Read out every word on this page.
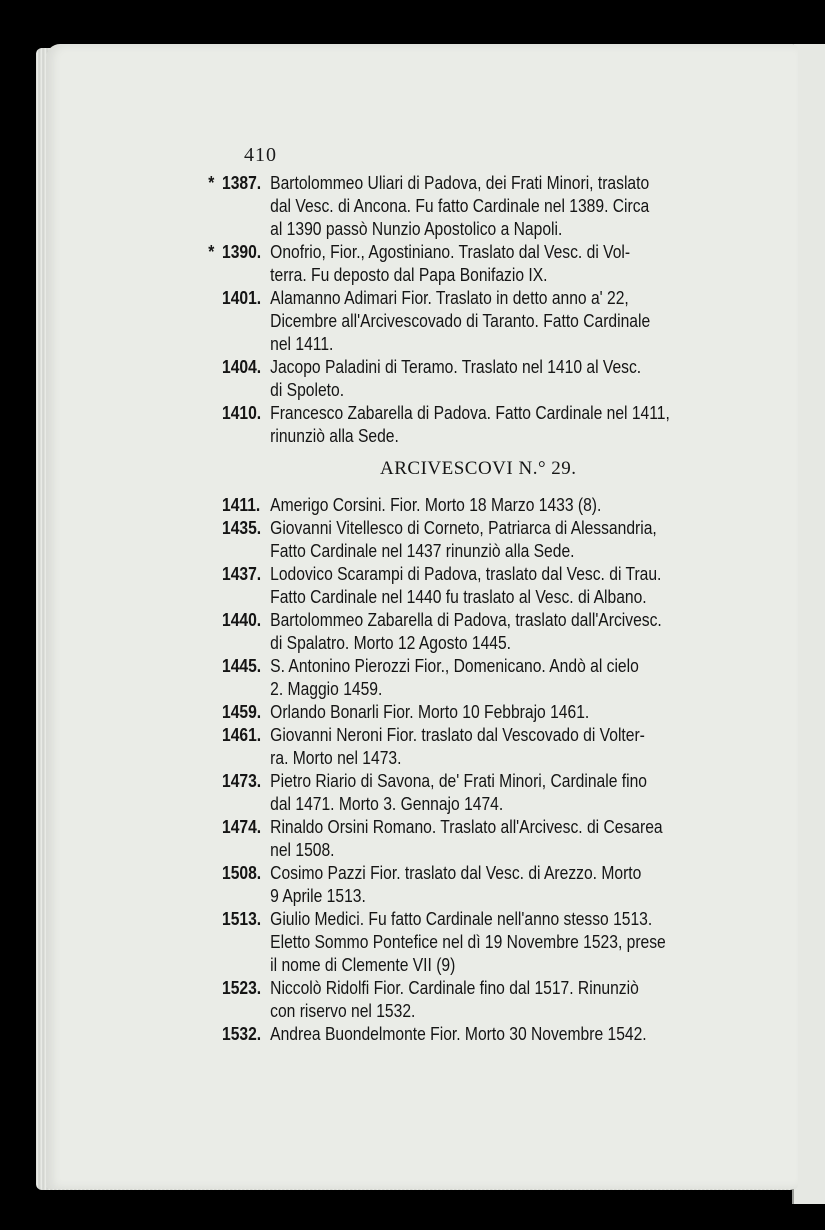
410
* 1387. Bartolommeo Uliari di Padova, dei Frati Minori, traslato
dal Vesc. di Ancona. Fu fatto Cardinale nel 1389. Circa
al 1390 passò Nunzio Apostolico a Napoli.
* 1390. Onofrio, Fior., Agostiniano. Traslato dal Vesc. di Vol-
terra. Fu deposto dal Papa Bonifazio IX.
1401. Alamanno Adimari Fior. Traslato in detto anno a' 22,
Dicembre all'Arcivescovado di Taranto. Fatto Cardinale
nel 1411.
1404. Jacopo Paladini di Teramo. Traslato nel 1410 al Vesc.
di Spoleto.
1410. Francesco Zabarella di Padova. Fatto Cardinale nel 1411,
rinunziò alla Sede.
ARCIVESCOVI N.° 29.
1411. Amerigo Corsini. Fior. Morto 18 Marzo 1433 (8).
1435. Giovanni Vitellesco di Corneto, Patriarca di Alessandria,
Fatto Cardinale nel 1437 rinunziò alla Sede.
1437. Lodovico Scarampi di Padova, traslato dal Vesc. di Trau.
Fatto Cardinale nel 1440 fu traslato al Vesc. di Albano.
1440. Bartolommeo Zabarella di Padova, traslato dall'Arcivesc.
di Spalatro. Morto 12 Agosto 1445.
1445. S. Antonino Pierozzi Fior., Domenicano. Andò al cielo
2. Maggio 1459.
1459. Orlando Bonarli Fior. Morto 10 Febbrajo 1461.
1461. Giovanni Neroni Fior. traslato dal Vescovado di Volter-
ra. Morto nel 1473.
1473. Pietro Riario di Savona, de' Frati Minori, Cardinale fino
dal 1471. Morto 3. Gennajo 1474.
1474. Rinaldo Orsini Romano. Traslato all'Arcivesc. di Cesarea
nel 1508.
1508. Cosimo Pazzi Fior. traslato dal Vesc. di Arezzo. Morto
9 Aprile 1513.
1513. Giulio Medici. Fu fatto Cardinale nell'anno stesso 1513.
Eletto Sommo Pontefice nel dì 19 Novembre 1523, prese
il nome di Clemente VII (9)
1523. Niccolò Ridolfi Fior. Cardinale fino dal 1517. Rinunziò
con riservo nel 1532.
1532. Andrea Buondelmonte Fior. Morto 30 Novembre 1542.
